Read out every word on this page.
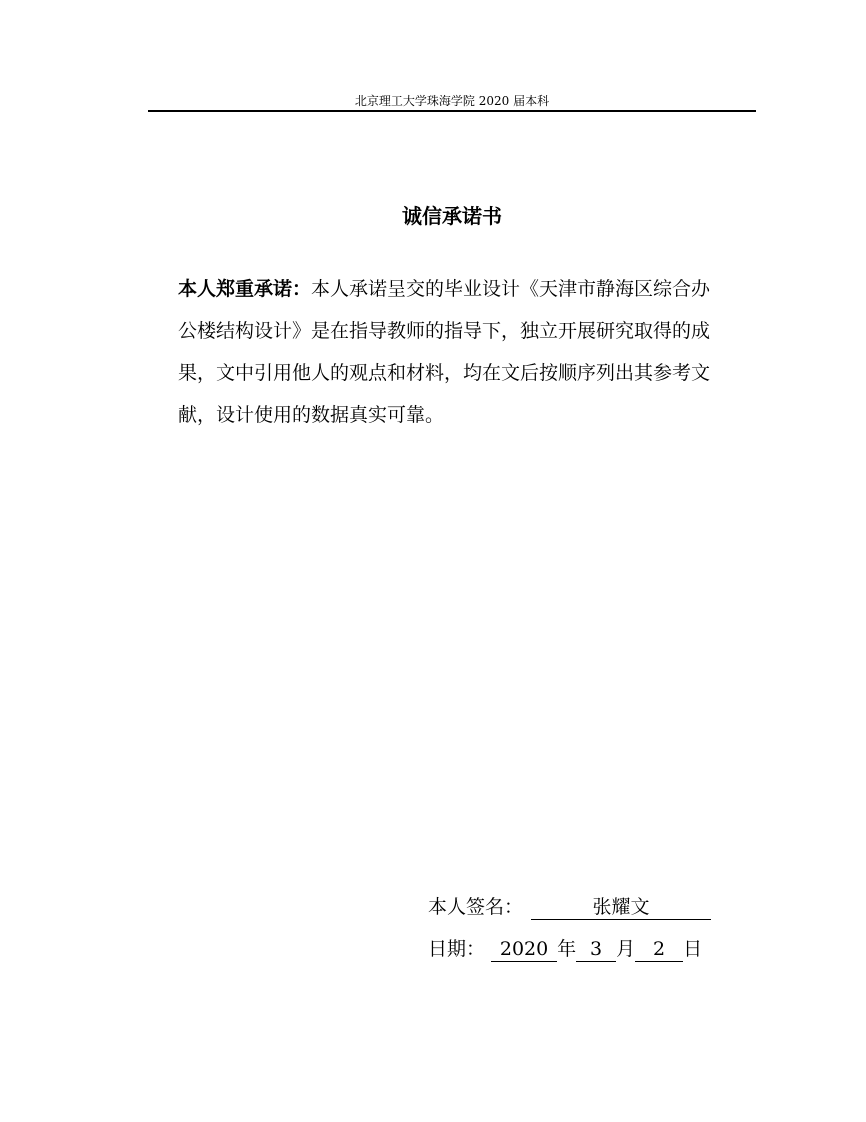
北京理工大学珠海学院 2020 届本科
诚信承诺书
本人郑重承诺：本人承诺呈交的毕业设计《天津市静海区综合办公楼结构设计》是在指导教师的指导下，独立开展研究取得的成果，文中引用他人的观点和材料，均在文后按顺序列出其参考文献，设计使用的数据真实可靠。
本人签名：	张耀文
日期： 2020 年 3 月 2 日
